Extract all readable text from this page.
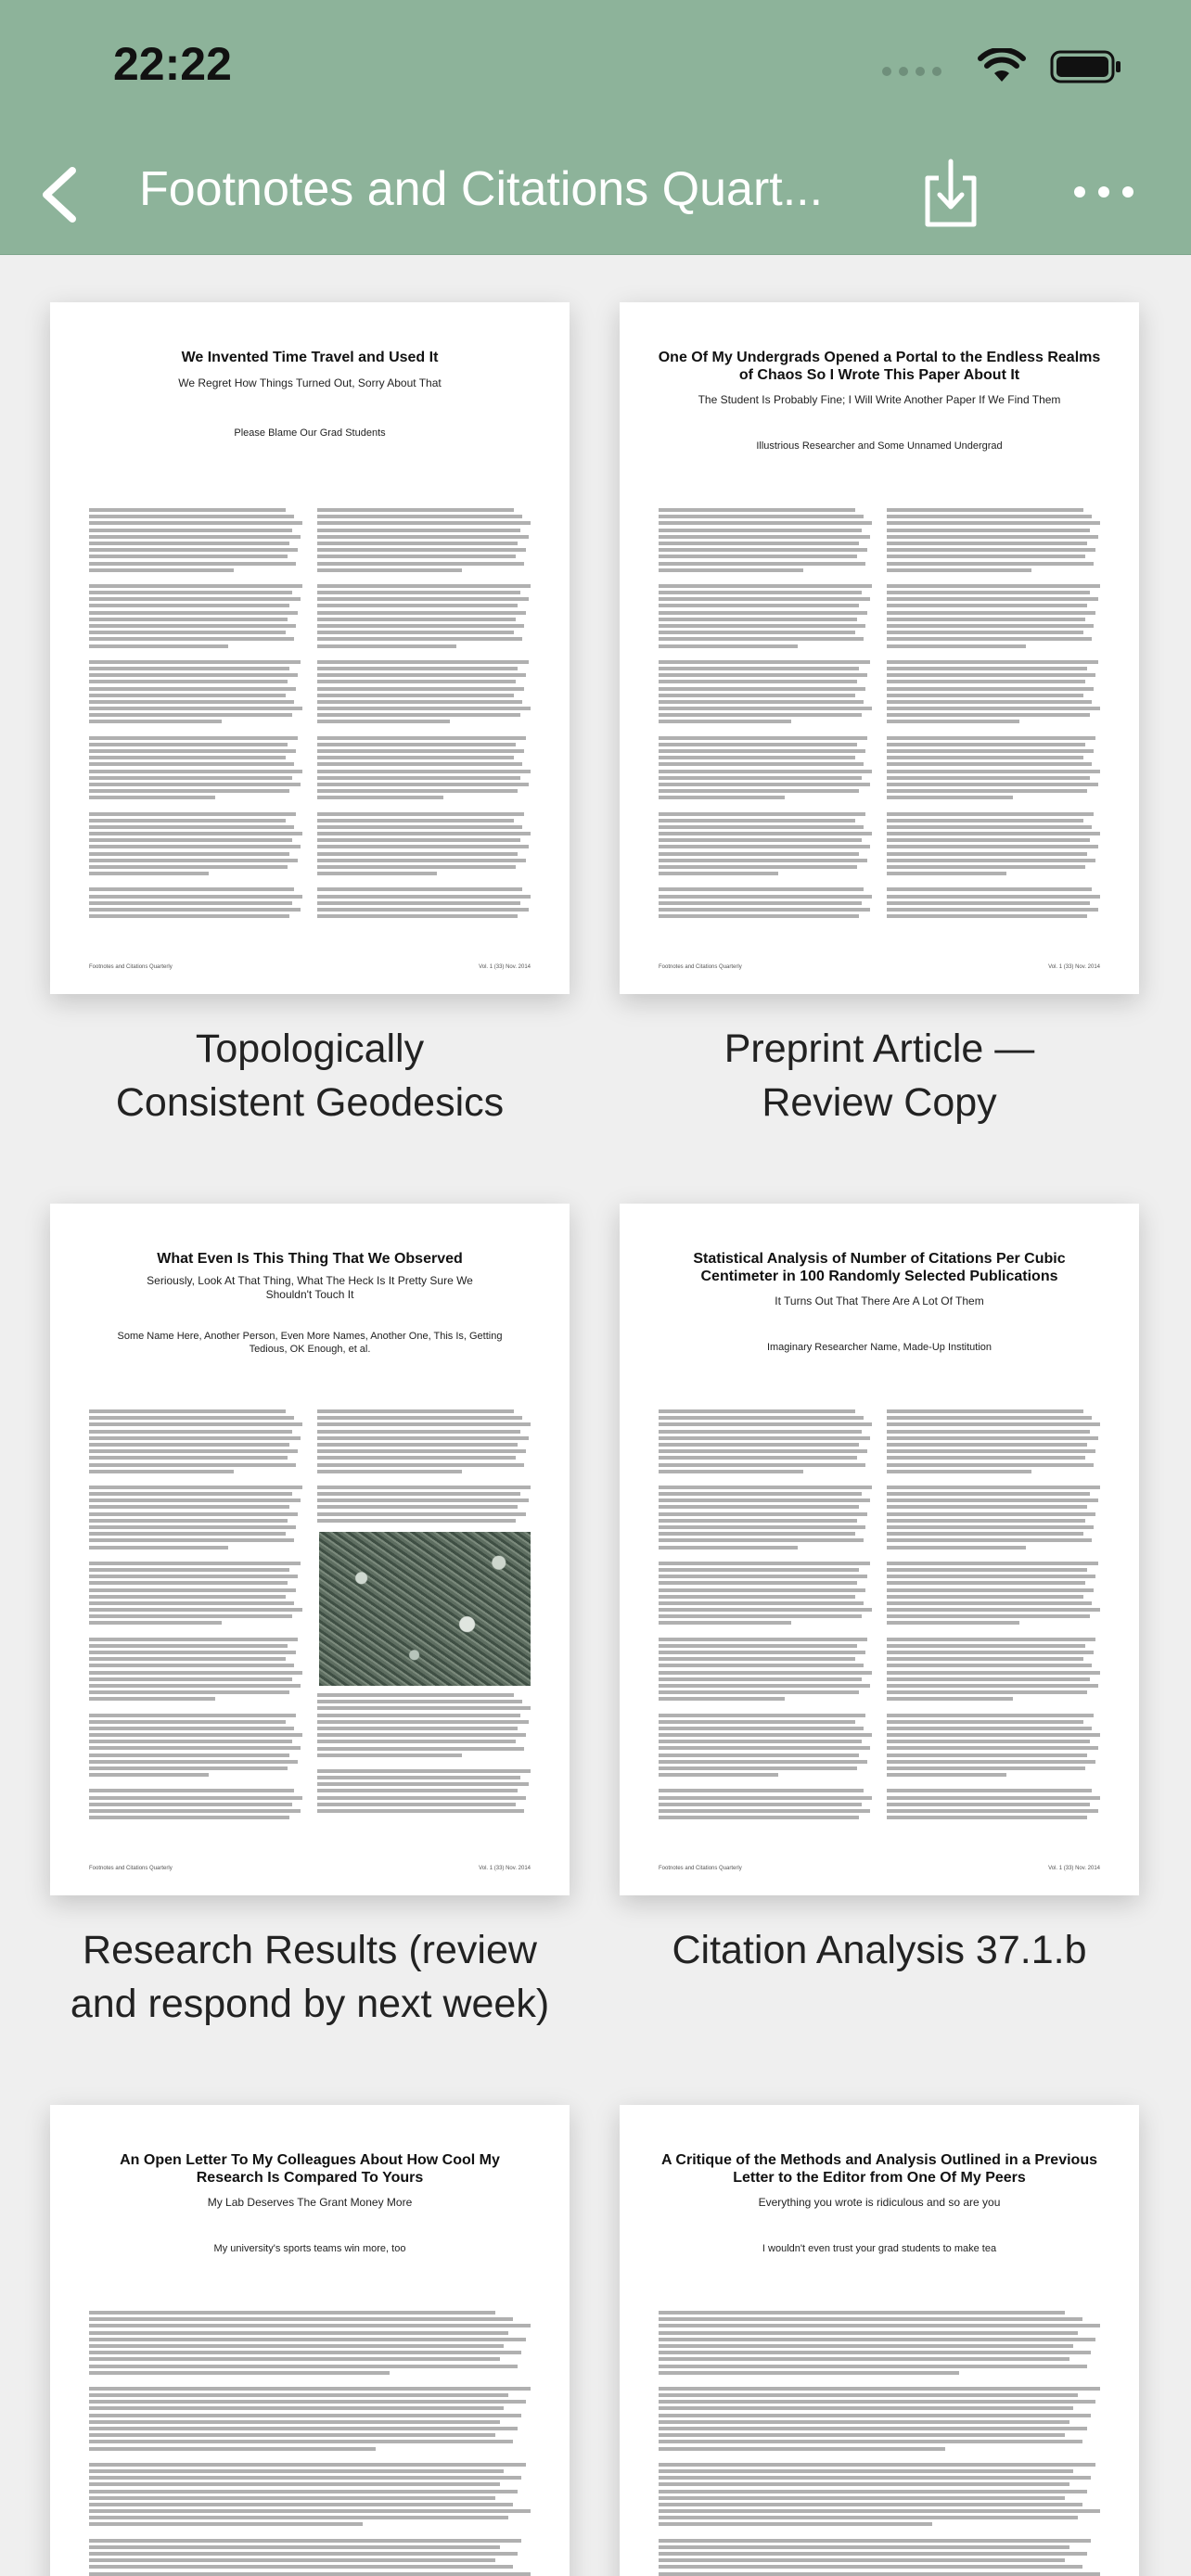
22:22
Footnotes and Citations Quart...
We Invented Time Travel and Used It
We Regret How Things Turned Out, Sorry About That
Please Blame Our Grad Students
Footnotes and Citations Quarterly	Vol. 1 (33) Nov. 2014
Topologically
Consistent Geodesics
One Of My Undergrads Opened a Portal to the Endless Realms of Chaos So I Wrote This Paper About It
The Student Is Probably Fine; I Will Write Another Paper If We Find Them
Illustrious Researcher and Some Unnamed Undergrad
Footnotes and Citations Quarterly	Vol. 1 (33) Nov. 2014
Preprint Article —
Review Copy
What Even Is This Thing That We Observed
Seriously, Look At That Thing, What The Heck Is It Pretty Sure We Shouldn't Touch It
Some Name Here, Another Person, Even More Names, Another One, This Is, Getting Tedious, OK Enough, et al.
Footnotes and Citations Quarterly	Vol. 1 (33) Nov. 2014
Research Results (review
and respond by next week)
Statistical Analysis of Number of Citations Per Cubic Centimeter in 100 Randomly Selected Publications
It Turns Out That There Are A Lot Of Them
Imaginary Researcher Name, Made-Up Institution
Footnotes and Citations Quarterly	Vol. 1 (33) Nov. 2014
Citation Analysis 37.1.b
An Open Letter To My Colleagues About How Cool My Research Is Compared To Yours
My Lab Deserves The Grant Money More
My university's sports teams win more, too
A Critique of the Methods and Analysis Outlined in a Previous Letter to the Editor from One Of My Peers
Everything you wrote is ridiculous and so are you
I wouldn't even trust your grad students to make tea
